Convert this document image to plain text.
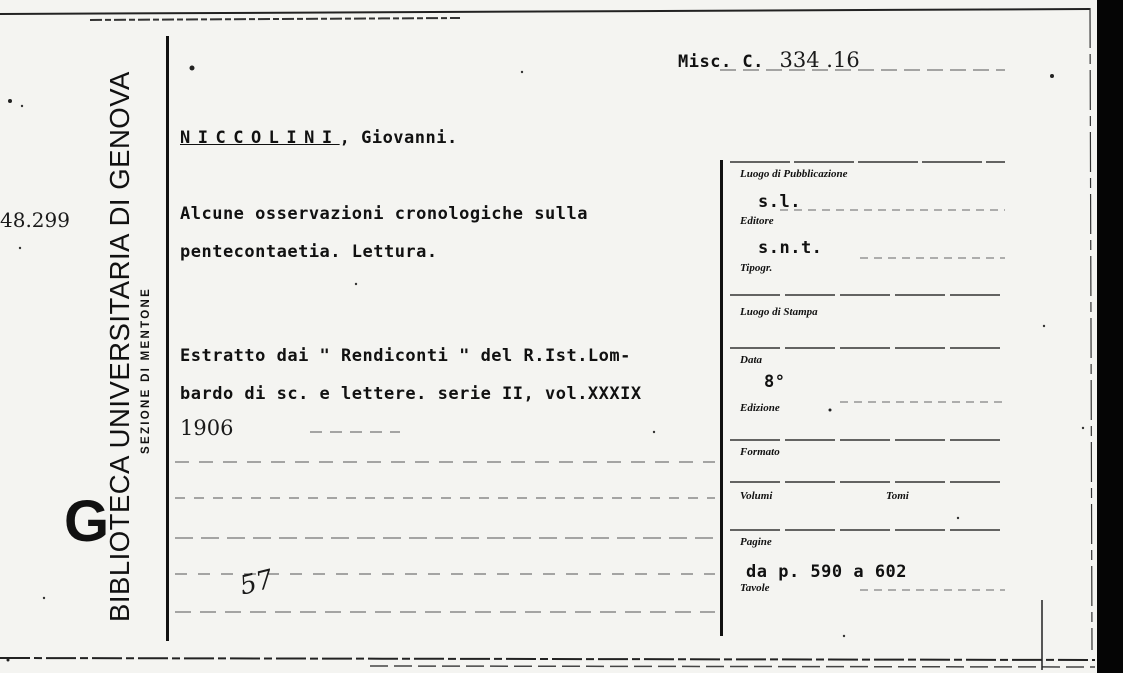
BIBLIOTECA UNIVERSITARIA DI GENOVA SEZIONE DI MENTONE
G
48.299
Misc. C. 334 .16
NICCOLINI, Giovanni.
Alcune osservazioni cronologiche sulla
pentecontaetia. Lettura.
Estratto dai " Rendiconti " del R.Ist.Lom-
bardo di sc. e lettere. serie II, vol.XXXIX
1906
57
Luogo di Pubblicazione
s.l.
Editore
s.n.t.
Tipogr.
Luogo di Stampa
Data
8°
Edizione
Formato
Volumi	Tomi
Pagine
da p. 590 a 602
Tavole
